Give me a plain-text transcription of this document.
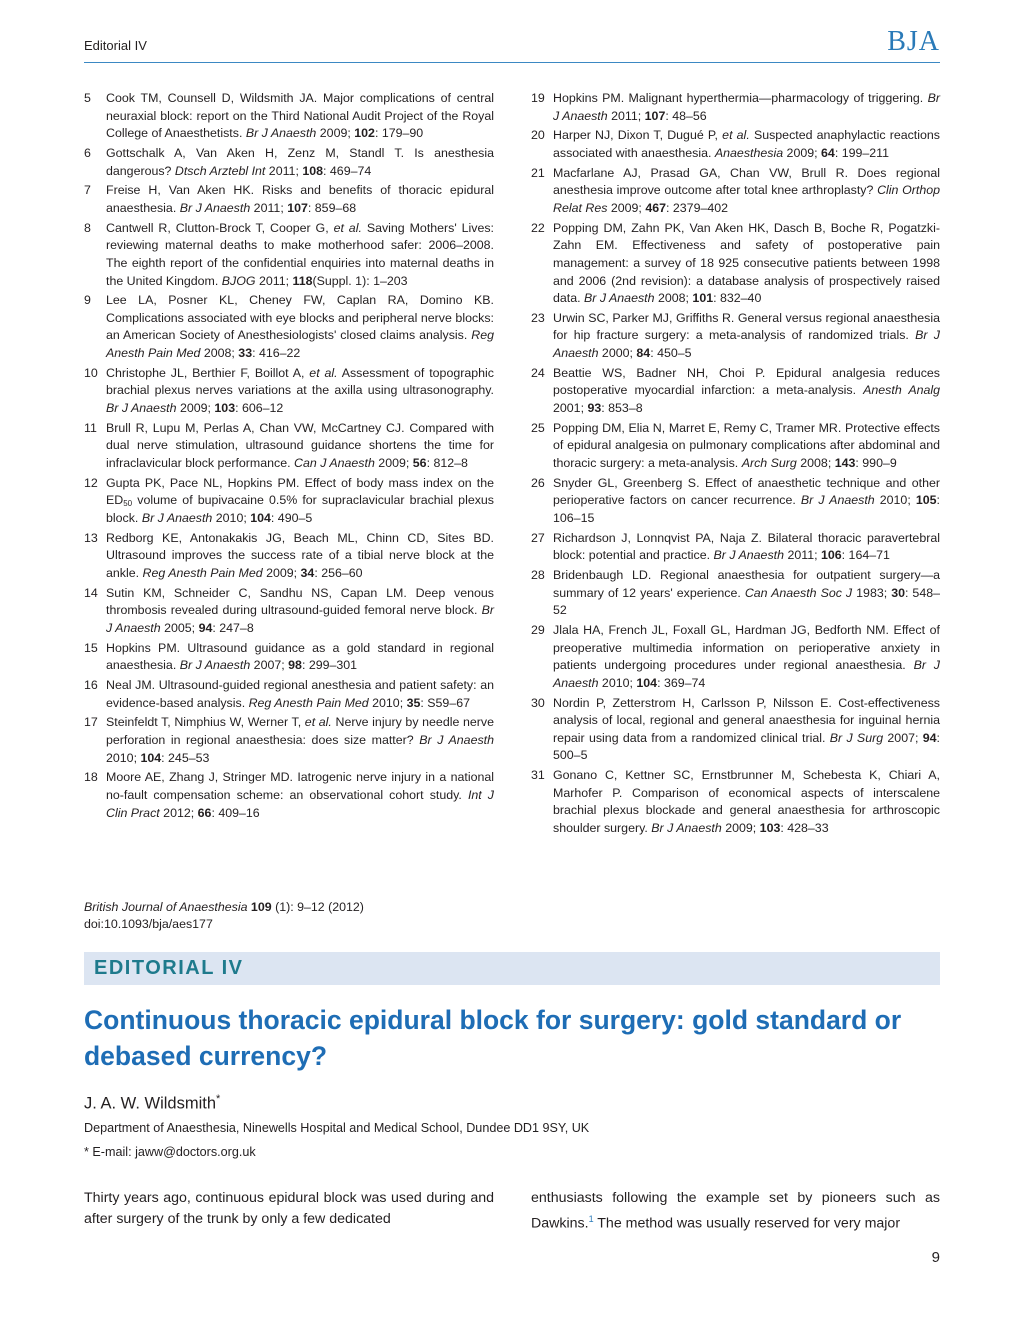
Editorial IV	BJA
5 Cook TM, Counsell D, Wildsmith JA. Major complications of central neuraxial block: report on the Third National Audit Project of the Royal College of Anaesthetists. Br J Anaesth 2009; 102: 179–90
6 Gottschalk A, Van Aken H, Zenz M, Standl T. Is anesthesia dangerous? Dtsch Arztebl Int 2011; 108: 469–74
7 Freise H, Van Aken HK. Risks and benefits of thoracic epidural anaesthesia. Br J Anaesth 2011; 107: 859–68
8 Cantwell R, Clutton-Brock T, Cooper G, et al. Saving Mothers' Lives: reviewing maternal deaths to make motherhood safer: 2006–2008. The eighth report of the confidential enquiries into maternal deaths in the United Kingdom. BJOG 2011; 118(Suppl. 1): 1–203
9 Lee LA, Posner KL, Cheney FW, Caplan RA, Domino KB. Complications associated with eye blocks and peripheral nerve blocks: an American Society of Anesthesiologists' closed claims analysis. Reg Anesth Pain Med 2008; 33: 416–22
10 Christophe JL, Berthier F, Boillot A, et al. Assessment of topographic brachial plexus nerves variations at the axilla using ultrasonography. Br J Anaesth 2009; 103: 606–12
11 Brull R, Lupu M, Perlas A, Chan VW, McCartney CJ. Compared with dual nerve stimulation, ultrasound guidance shortens the time for infraclavicular block performance. Can J Anaesth 2009; 56: 812–8
12 Gupta PK, Pace NL, Hopkins PM. Effect of body mass index on the $ED_{50}$ volume of bupivacaine 0.5% for supraclavicular brachial plexus block. Br J Anaesth 2010; 104: 490–5
13 Redborg KE, Antonakakis JG, Beach ML, Chinn CD, Sites BD. Ultrasound improves the success rate of a tibial nerve block at the ankle. Reg Anesth Pain Med 2009; 34: 256–60
14 Sutin KM, Schneider C, Sandhu NS, Capan LM. Deep venous thrombosis revealed during ultrasound-guided femoral nerve block. Br J Anaesth 2005; 94: 247–8
15 Hopkins PM. Ultrasound guidance as a gold standard in regional anaesthesia. Br J Anaesth 2007; 98: 299–301
16 Neal JM. Ultrasound-guided regional anesthesia and patient safety: an evidence-based analysis. Reg Anesth Pain Med 2010; 35: S59–67
17 Steinfeldt T, Nimphius W, Werner T, et al. Nerve injury by needle nerve perforation in regional anaesthesia: does size matter? Br J Anaesth 2010; 104: 245–53
18 Moore AE, Zhang J, Stringer MD. Iatrogenic nerve injury in a national no-fault compensation scheme: an observational cohort study. Int J Clin Pract 2012; 66: 409–16
19 Hopkins PM. Malignant hyperthermia—pharmacology of triggering. Br J Anaesth 2011; 107: 48–56
20 Harper NJ, Dixon T, Dugué P, et al. Suspected anaphylactic reactions associated with anaesthesia. Anaesthesia 2009; 64: 199–211
21 Macfarlane AJ, Prasad GA, Chan VW, Brull R. Does regional anesthesia improve outcome after total knee arthroplasty? Clin Orthop Relat Res 2009; 467: 2379–402
22 Popping DM, Zahn PK, Van Aken HK, Dasch B, Boche R, Pogatzki-Zahn EM. Effectiveness and safety of postoperative pain management: a survey of 18 925 consecutive patients between 1998 and 2006 (2nd revision): a database analysis of prospectively raised data. Br J Anaesth 2008; 101: 832–40
23 Urwin SC, Parker MJ, Griffiths R. General versus regional anaesthesia for hip fracture surgery: a meta-analysis of randomized trials. Br J Anaesth 2000; 84: 450–5
24 Beattie WS, Badner NH, Choi P. Epidural analgesia reduces postoperative myocardial infarction: a meta-analysis. Anesth Analg 2001; 93: 853–8
25 Popping DM, Elia N, Marret E, Remy C, Tramer MR. Protective effects of epidural analgesia on pulmonary complications after abdominal and thoracic surgery: a meta-analysis. Arch Surg 2008; 143: 990–9
26 Snyder GL, Greenberg S. Effect of anaesthetic technique and other perioperative factors on cancer recurrence. Br J Anaesth 2010; 105: 106–15
27 Richardson J, Lonnqvist PA, Naja Z. Bilateral thoracic paravertebral block: potential and practice. Br J Anaesth 2011; 106: 164–71
28 Bridenbaugh LD. Regional anaesthesia for outpatient surgery—a summary of 12 years' experience. Can Anaesth Soc J 1983; 30: 548–52
29 Jlala HA, French JL, Foxall GL, Hardman JG, Bedforth NM. Effect of preoperative multimedia information on perioperative anxiety in patients undergoing procedures under regional anaesthesia. Br J Anaesth 2010; 104: 369–74
30 Nordin P, Zetterstrom H, Carlsson P, Nilsson E. Cost-effectiveness analysis of local, regional and general anaesthesia for inguinal hernia repair using data from a randomized clinical trial. Br J Surg 2007; 94: 500–5
31 Gonano C, Kettner SC, Ernstbrunner M, Schebesta K, Chiari A, Marhofer P. Comparison of economical aspects of interscalene brachial plexus blockade and general anaesthesia for arthroscopic shoulder surgery. Br J Anaesth 2009; 103: 428–33
British Journal of Anaesthesia 109 (1): 9–12 (2012)
doi:10.1093/bja/aes177
EDITORIAL IV
Continuous thoracic epidural block for surgery: gold standard or debased currency?
J. A. W. Wildsmith*
Department of Anaesthesia, Ninewells Hospital and Medical School, Dundee DD1 9SY, UK
* E-mail: jaww@doctors.org.uk
Thirty years ago, continuous epidural block was used during and after surgery of the trunk by only a few dedicated
enthusiasts following the example set by pioneers such as Dawkins.$^1$ The method was usually reserved for very major
9
